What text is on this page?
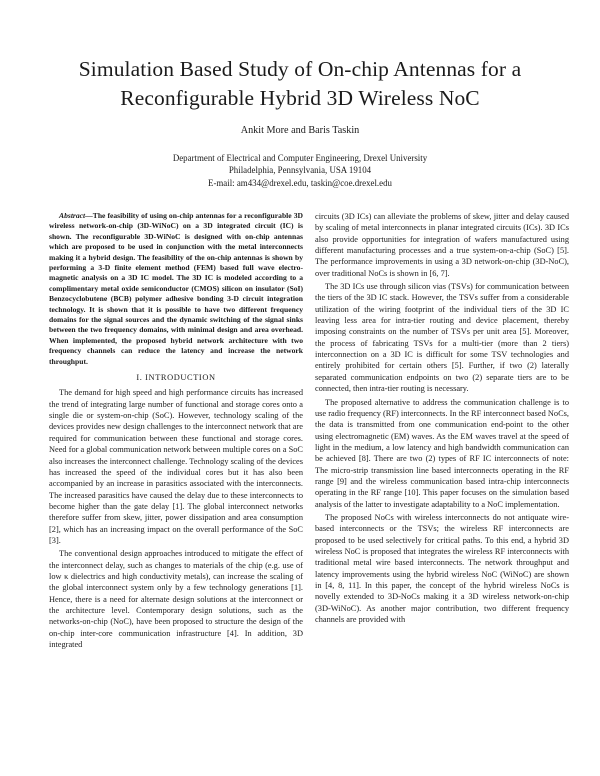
Simulation Based Study of On-chip Antennas for a
Reconfigurable Hybrid 3D Wireless NoC
Ankit More and Baris Taskin
Department of Electrical and Computer Engineering, Drexel University
Philadelphia, Pennsylvania, USA 19104
E-mail: am434@drexel.edu, taskin@coe.drexel.edu

Abstract—The feasibility of using on-chip antennas for a reconfigurable 3D wireless network-on-chip (3D-WiNoC) on a 3D integrated circuit (IC) is shown. The reconfigurable 3D-WiNoC is designed with on-chip antennas which are proposed to be used in conjunction with the metal interconnects making it a hybrid design. The feasibility of the on-chip antennas is shown by performing a 3-D finite element method (FEM) based full wave electro-magnetic analysis on a 3D IC model. The 3D IC is modeled according to a complimentary metal oxide semiconductor (CMOS) silicon on insulator (SoI) Benzocyclobutene (BCB) polymer adhesive bonding 3-D circuit integration technology. It is shown that it is possible to have two different frequency domains for the signal sources and the dynamic switching of the signal sinks between the two frequency domains, with minimal design and area overhead. When implemented, the proposed hybrid network architecture with two frequency channels can reduce the latency and increase the network throughput.

I. INTRODUCTION

The demand for high speed and high performance circuits has increased the trend of integrating large number of functional and storage cores onto a single die or system-on-chip (SoC). However, technology scaling of the devices provides new design challenges to the interconnect network that are required for communication between these functional and storage cores. Need for a global communication network between multiple cores on a SoC also increases the interconnect challenge. Technology scaling of the devices has increased the speed of the individual cores but it has also been accompanied by an increase in parasitics associated with the interconnects. The increased parasitics have caused the delay due to these interconnects to become higher than the gate delay [1]. The global interconnect networks therefore suffer from skew, jitter, power dissipation and area consumption [2], which has an increasing impact on the overall performance of the SoC [3].

The conventional design approaches introduced to mitigate the effect of the interconnect delay, such as changes to materials of the chip (e.g. use of low κ dielectrics and high conductivity metals), can increase the scaling of the global interconnect system only by a few technology generations [1]. Hence, there is a need for alternate design solutions at the interconnect or the architecture level. Contemporary design solutions, such as the networks-on-chip (NoC), have been proposed to structure the design of the on-chip inter-core communication infrastructure [4]. In addition, 3D integrated

circuits (3D ICs) can alleviate the problems of skew, jitter and delay caused by scaling of metal interconnects in planar integrated circuits (ICs). 3D ICs also provide opportunities for integration of wafers manufactured using different manufacturing processes and a true system-on-a-chip (SoC) [5]. The performance improvements in using a 3D network-on-chip (3D-NoC), over traditional NoCs is shown in [6, 7].

The 3D ICs use through silicon vias (TSVs) for communication between the tiers of the 3D IC stack. However, the TSVs suffer from a considerable utilization of the wiring footprint of the individual tiers of the 3D IC leaving less area for intra-tier routing and device placement, thereby imposing constraints on the number of TSVs per unit area [5]. Moreover, the process of fabricating TSVs for a multi-tier (more than 2 tiers) interconnection on a 3D IC is difficult for some TSV technologies and entirely prohibited for certain others [5]. Further, if two (2) laterally separated communication endpoints on two (2) separate tiers are to be connected, then intra-tier routing is necessary.

The proposed alternative to address the communication challenge is to use radio frequency (RF) interconnects. In the RF interconnect based NoCs, the data is transmitted from one communication end-point to the other using electromagnetic (EM) waves. As the EM waves travel at the speed of light in the medium, a low latency and high bandwidth communication can be achieved [8]. There are two (2) types of RF IC interconnects of note: The micro-strip transmission line based interconnects operating in the RF range [9] and the wireless communication based intra-chip interconnects operating in the RF range [10]. This paper focuses on the simulation based analysis of the latter to investigate adaptability to a NoC implementation.

The proposed NoCs with wireless interconnects do not antiquate wire-based interconnects or the TSVs; the wireless RF interconnects are proposed to be used selectively for critical paths. To this end, a hybrid 3D wireless NoC is proposed that integrates the wireless RF interconnects with traditional metal wire based interconnects. The network throughput and latency improvements using the hybrid wireless NoC (WiNoC) are shown in [4, 8, 11]. In this paper, the concept of the hybrid wireless NoCs is novelly extended to 3D-NoCs making it a 3D wireless network-on-chip (3D-WiNoC). As another major contribution, two different frequency channels are provided with
